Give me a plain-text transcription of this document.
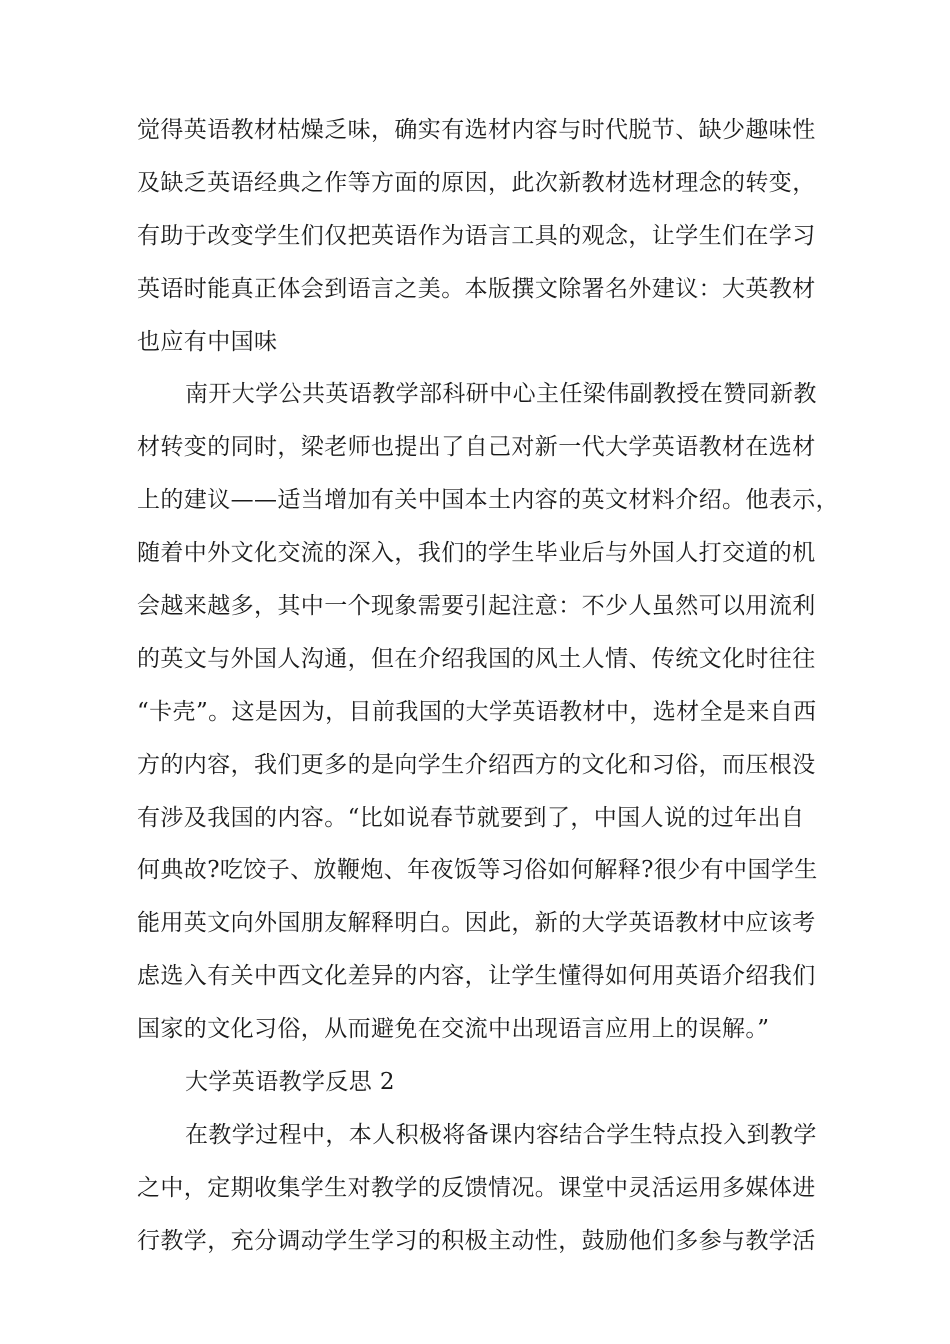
觉得英语教材枯燥乏味，确实有选材内容与时代脱节、缺少趣味性
及缺乏英语经典之作等方面的原因，此次新教材选材理念的转变，
有助于改变学生们仅把英语作为语言工具的观念，让学生们在学习
英语时能真正体会到语言之美。本版撰文除署名外建议：大英教材
也应有中国味
南开大学公共英语教学部科研中心主任梁伟副教授在赞同新教
材转变的同时，梁老师也提出了自己对新一代大学英语教材在选材
上的建议——适当增加有关中国本土内容的英文材料介绍。他表示，
随着中外文化交流的深入，我们的学生毕业后与外国人打交道的机
会越来越多，其中一个现象需要引起注意：不少人虽然可以用流利
的英文与外国人沟通，但在介绍我国的风土人情、传统文化时往往
“卡壳”。这是因为，目前我国的大学英语教材中，选材全是来自西
方的内容，我们更多的是向学生介绍西方的文化和习俗，而压根没
有涉及我国的内容。“比如说春节就要到了，中国人说的过年出自
何典故?吃饺子、放鞭炮、年夜饭等习俗如何解释?很少有中国学生
能用英文向外国朋友解释明白。因此，新的大学英语教材中应该考
虑选入有关中西文化差异的内容，让学生懂得如何用英语介绍我们
国家的文化习俗，从而避免在交流中出现语言应用上的误解。”
大学英语教学反思 2
在教学过程中，本人积极将备课内容结合学生特点投入到教学
之中，定期收集学生对教学的反馈情况。课堂中灵活运用多媒体进
行教学，充分调动学生学习的积极主动性，鼓励他们多参与教学活
